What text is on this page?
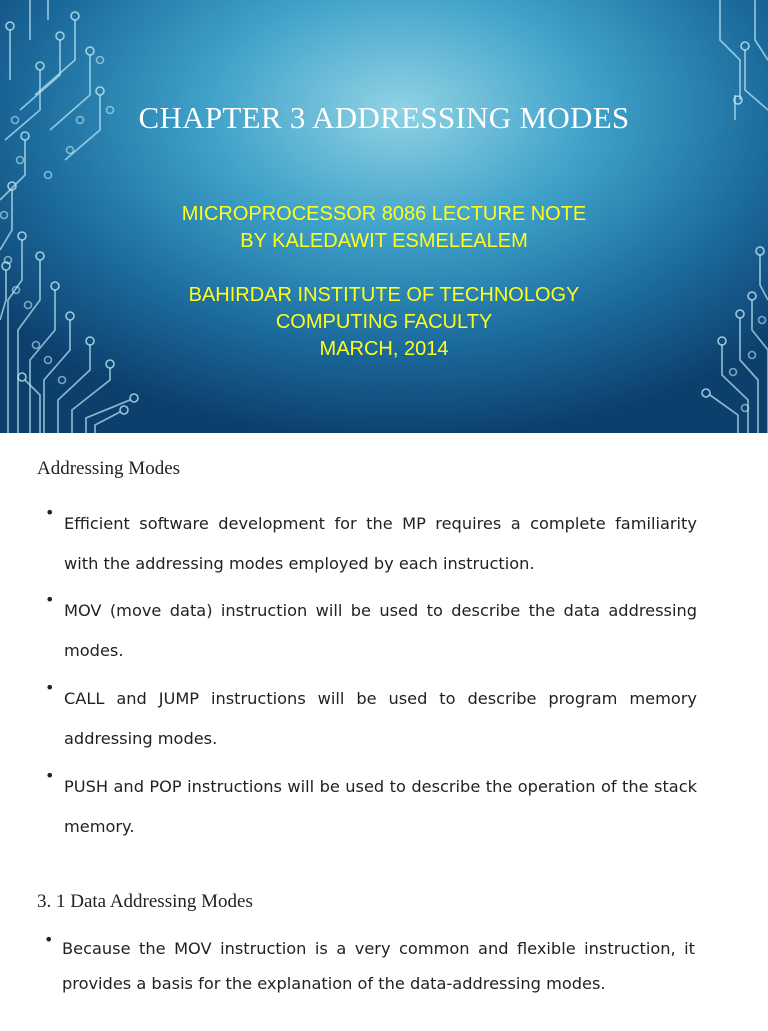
CHAPTER 3 ADDRESSING MODES
MICROPROCESSOR 8086 LECTURE NOTE
BY KALEDAWIT ESMELEALEM
BAHIRDAR INSTITUTE OF TECHNOLOGY
COMPUTING FACULTY
MARCH, 2014
Addressing Modes
•
Efficient software development for the MP requires a complete familiarity with the addressing modes employed by each instruction.
•
MOV (move data) instruction will be used to describe the data addressing modes.
•
CALL and JUMP instructions will be used to describe program memory addressing modes.
•
PUSH and POP instructions will be used to describe the operation of the stack memory.
3. 1 Data Addressing Modes
• Because the MOV instruction is a very common and flexible instruction, it provides a basis for the explanation of the data-addressing modes.
